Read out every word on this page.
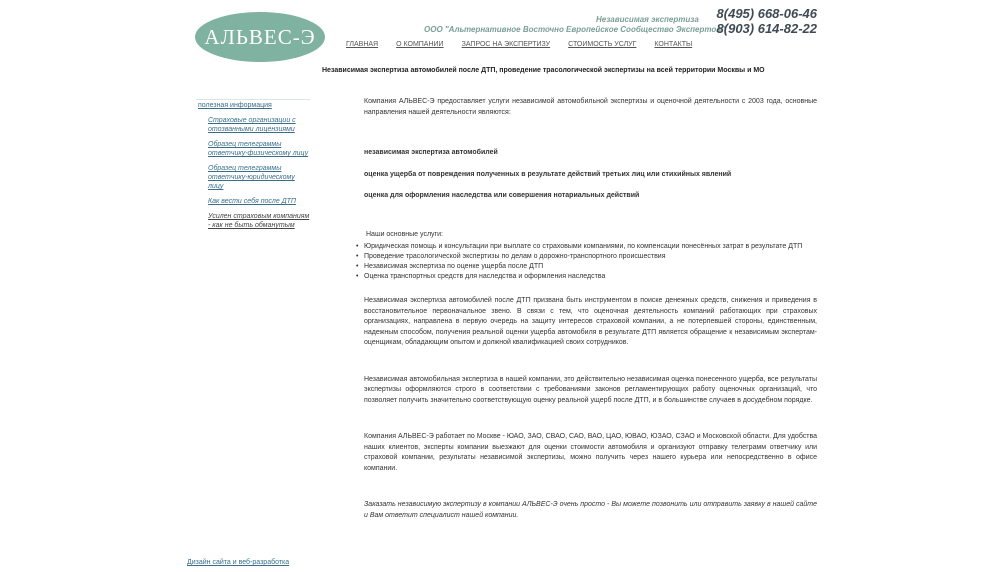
АЛЬВЕС-Э
Независимая экспертиза
ООО "Альтернативное Восточно Европейское Сообщество Экспертов"
8(495) 668-06-46
8(903) 614-82-22
ГЛАВНАЯ	О КОМПАНИИ	ЗАПРОС НА ЭКСПЕРТИЗУ	СТОИМОСТЬ УСЛУГ	КОНТАКТЫ
Независимая экспертиза автомобилей после ДТП, проведение трасологической экспертизы на всей территории Москвы и МО
полезная информация
Страховые организации с отозванными лицензиями
Образец телеграммы ответчику-физическому лицу
Образец телеграммы ответчику-юридическому лицу
Как вести себя после ДТП
Усилен страховым компаниям - как не быть обманутым

Компания АЛЬВЕС-Э предоставляет услуги независимой автомобильной экспертизы и оценочной деятельности с 2003 года, основные направления нашей деятельности являются:

независимая экспертиза автомобилей

оценка ущерба от повреждения полученных в результате действий третьих лиц или стихийных явлений

оценка для оформления наследства или совершения нотариальных действий

Наши основные услуги:

• Юридическая помощь и консультации при выплате со страховыми компаниями, по компенсации понесённых затрат в результате ДТП
• Проведение трасологической экспертизы по делам о дорожно-транспортного происшествия
• Независимая экспертиза по оценке ущерба после ДТП
• Оценка транспортных средств для наследства и оформления наследства

Независимая экспертиза автомобилей после ДТП призвана быть инструментом в поиске денежных средств, снижения и приведения в восстановительное первоначальное звено. В связи с тем, что оценочная деятельность компаний работающих при страховых организациях, направлена в первую очередь на защиту интересов страховой компании, а не потерпевшей стороны, единственным, надежным способом, получения реальной оценки ущерба автомобиля в результате ДТП является обращение к независимым экспертам-оценщикам, обладающим опытом и должной квалификацией своих сотрудников.

Независимая автомобильная экспертиза в нашей компании, это действительно независимая оценка понесенного ущерба, все результаты экспертизы оформляются строго в соответствии с требованиями законов регламентирующих работу оценочных организаций, что позволяет получить значительно соответствующую оценку реальной ущерб после ДТП, и в большинстве случаев в досудебном порядке.

Компания АЛЬВЕС-Э работает по Москве - ЮАО, ЗАО, СВАО, САО, ВАО, ЦАО, ЮВАО, ЮЗАО, СЗАО и Московской области. Для удобства наших клиентов, эксперты компании выезжают для оценки стоимости автомобиля и организуют отправку телеграмм ответчику или страховой компании, результаты независимой экспертизы, можно получить через нашего курьера или непосредственно в офисе компании.

Заказать независимую экспертизу в компании АЛЬВЕС-Э очень просто - Вы можете позвонить или отправить заявку в нашей сайте и Вам ответит специалист нашей компании.

Дизайн сайта и веб-разработка
